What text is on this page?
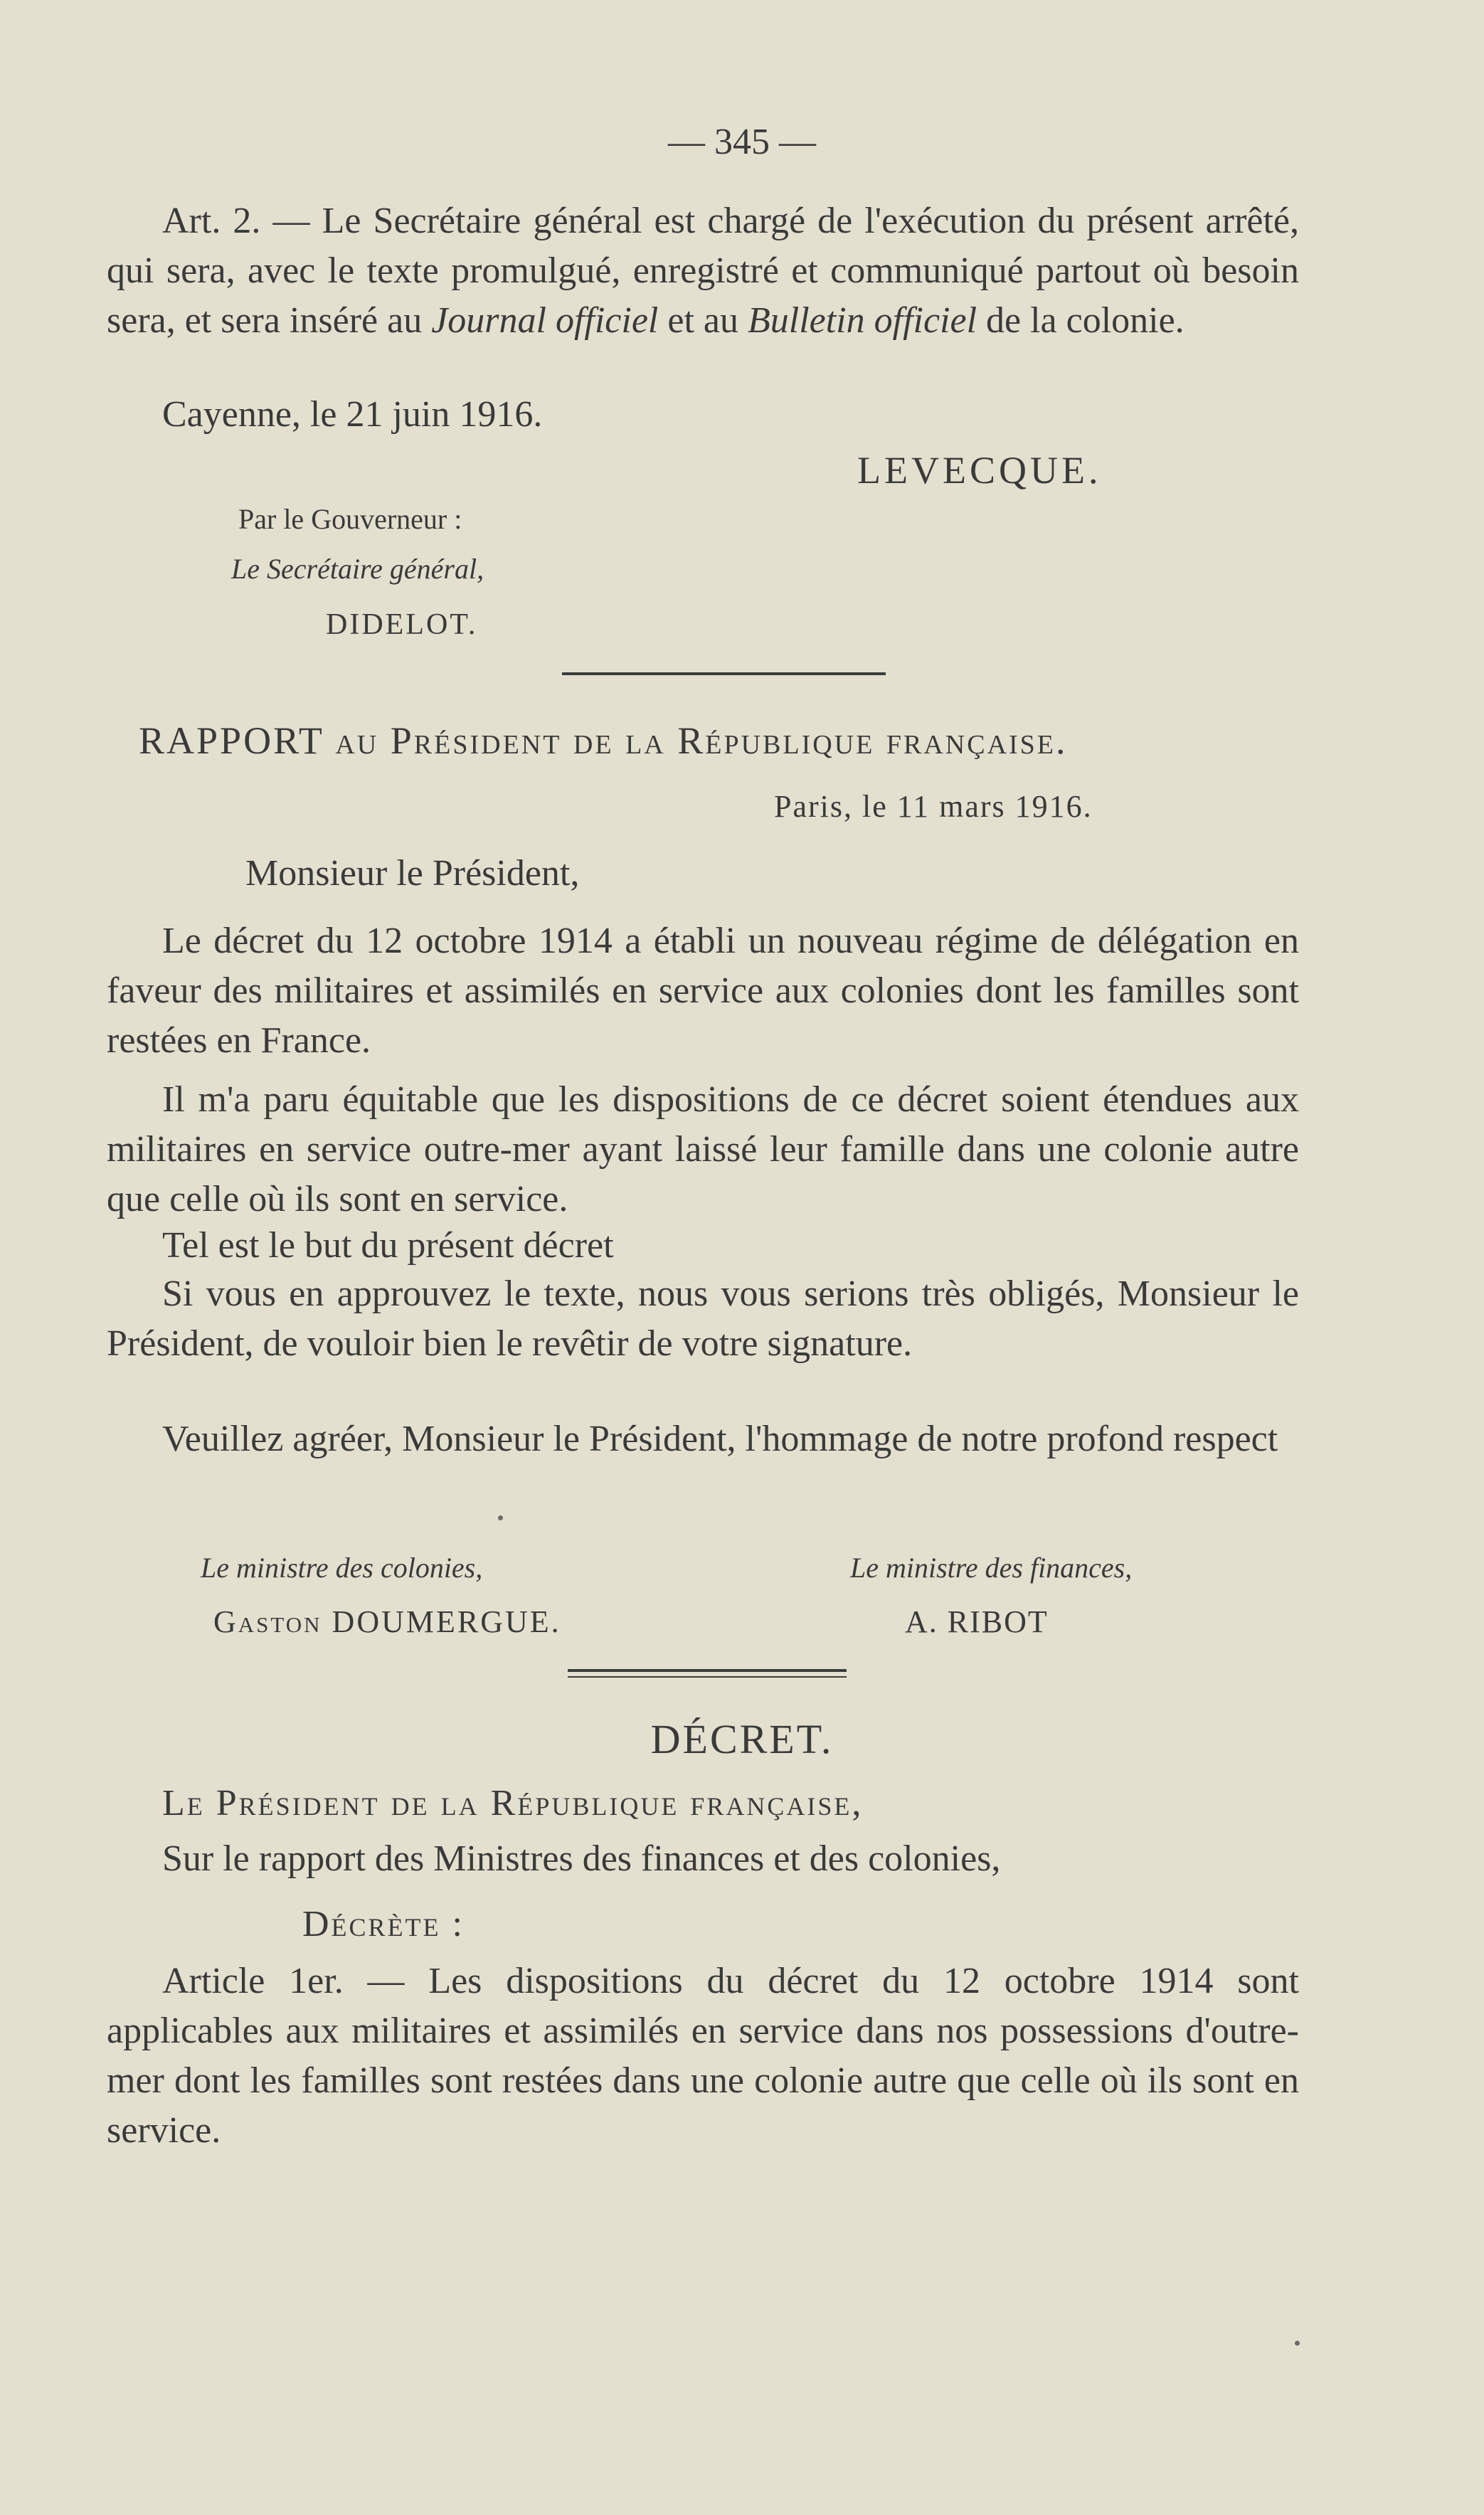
— 345 —

Art. 2. — Le Secrétaire général est chargé de l'exécution du présent arrêté, qui sera, avec le texte promulgué, enregistré et communiqué partout où besoin sera, et sera inséré au Journal officiel et au Bulletin officiel de la colonie.

Cayenne, le 21 juin 1916.
LEVECQUE.
Par le Gouverneur :
Le Secrétaire général,
DIDELOT.
RAPPORT au Président de la République française.
Paris, le 11 mars 1916.
Monsieur le Président,

Le décret du 12 octobre 1914 a établi un nouveau régime de délégation en faveur des militaires et assimilés en service aux colonies dont les familles sont restées en France.

Il m'a paru équitable que les dispositions de ce décret soient étendues aux militaires en service outre-mer ayant laissé leur famille dans une colonie autre que celle où ils sont en service.

Tel est le but du présent décret

Si vous en approuvez le texte, nous vous serions très obligés, Monsieur le Président, de vouloir bien le revêtir de votre signature.

Veuillez agréer, Monsieur le Président, l'hommage de notre profond respect

Le ministre des colonies,
Gaston DOUMERGUE.
Le ministre des finances,
A. RIBOT
DÉCRET.
Le Président de la République française,
Sur le rapport des Ministres des finances et des colonies,
Décrète :

Article 1er. — Les dispositions du décret du 12 octobre 1914 sont applicables aux militaires et assimilés en service dans nos possessions d'outre-mer dont les familles sont restées dans une colonie autre que celle où ils sont en service.
